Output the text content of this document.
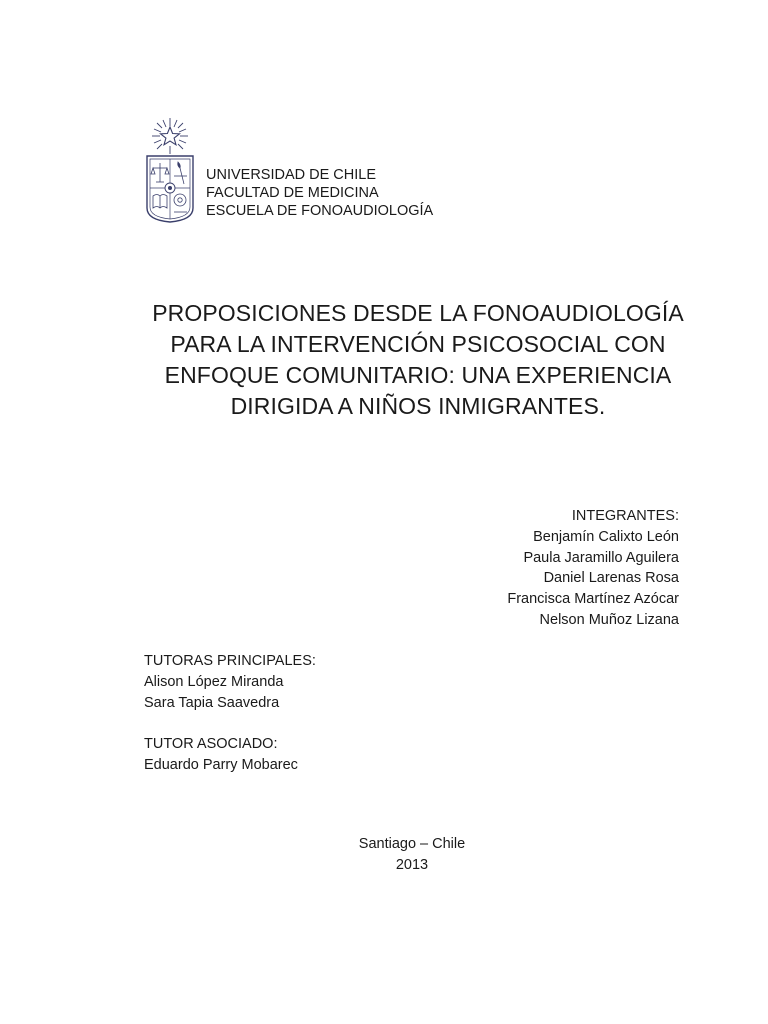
UNIVERSIDAD DE CHILE
FACULTAD DE MEDICINA
ESCUELA DE FONOAUDIOLOGÍA
PROPOSICIONES DESDE LA FONOAUDIOLOGÍA
PARA LA INTERVENCIÓN PSICOSOCIAL CON
ENFOQUE COMUNITARIO: UNA EXPERIENCIA
DIRIGIDA A NIÑOS INMIGRANTES.
INTEGRANTES:
Benjamín Calixto León
Paula Jaramillo Aguilera
Daniel Larenas Rosa
Francisca Martínez Azócar
Nelson Muñoz Lizana
TUTORAS PRINCIPALES:
Alison López Miranda
Sara Tapia Saavedra
TUTOR ASOCIADO:
Eduardo Parry Mobarec
Santiago – Chile
2013
